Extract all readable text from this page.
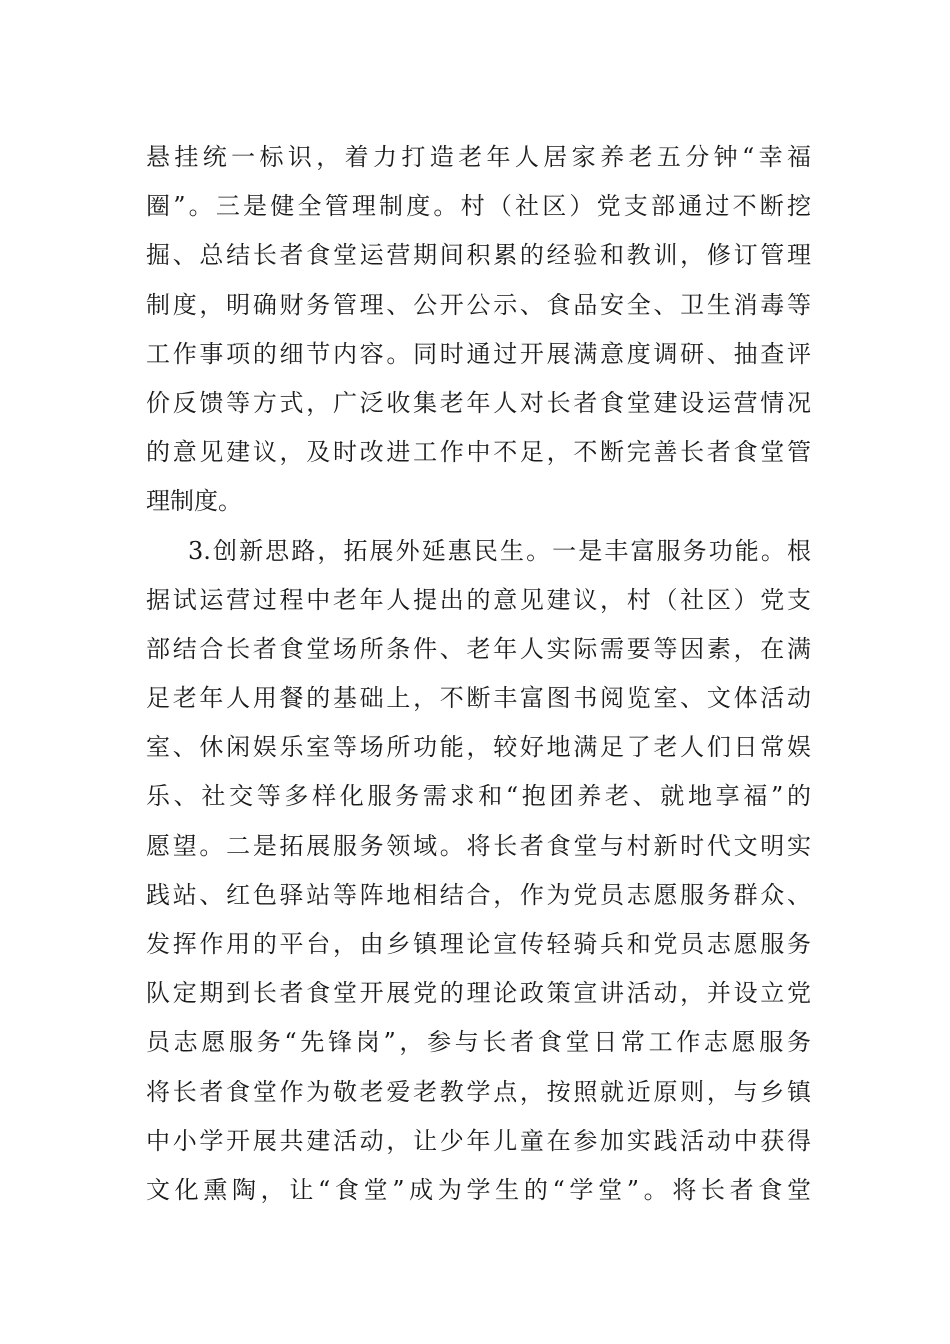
悬挂统一标识，着力打造老年人居家养老五分钟“幸福
圈”。三是健全管理制度。村（社区）党支部通过不断挖
掘、总结长者食堂运营期间积累的经验和教训，修订管理
制度，明确财务管理、公开公示、食品安全、卫生消毒等
工作事项的细节内容。同时通过开展满意度调研、抽查评
价反馈等方式，广泛收集老年人对长者食堂建设运营情况
的意见建议，及时改进工作中不足，不断完善长者食堂管
理制度。
3.创新思路，拓展外延惠民生。一是丰富服务功能。根
据试运营过程中老年人提出的意见建议，村（社区）党支
部结合长者食堂场所条件、老年人实际需要等因素，在满
足老年人用餐的基础上，不断丰富图书阅览室、文体活动
室、休闲娱乐室等场所功能，较好地满足了老人们日常娱
乐、社交等多样化服务需求和“抱团养老、就地享福”的
愿望。二是拓展服务领域。将长者食堂与村新时代文明实
践站、红色驿站等阵地相结合，作为党员志愿服务群众、
发挥作用的平台，由乡镇理论宣传轻骑兵和党员志愿服务
队定期到长者食堂开展党的理论政策宣讲活动，并设立党
员志愿服务“先锋岗”，参与长者食堂日常工作志愿服务
将长者食堂作为敬老爱老教学点，按照就近原则，与乡镇
中小学开展共建活动，让少年儿童在参加实践活动中获得
文化熏陶，让“食堂”成为学生的“学堂”。将长者食堂
